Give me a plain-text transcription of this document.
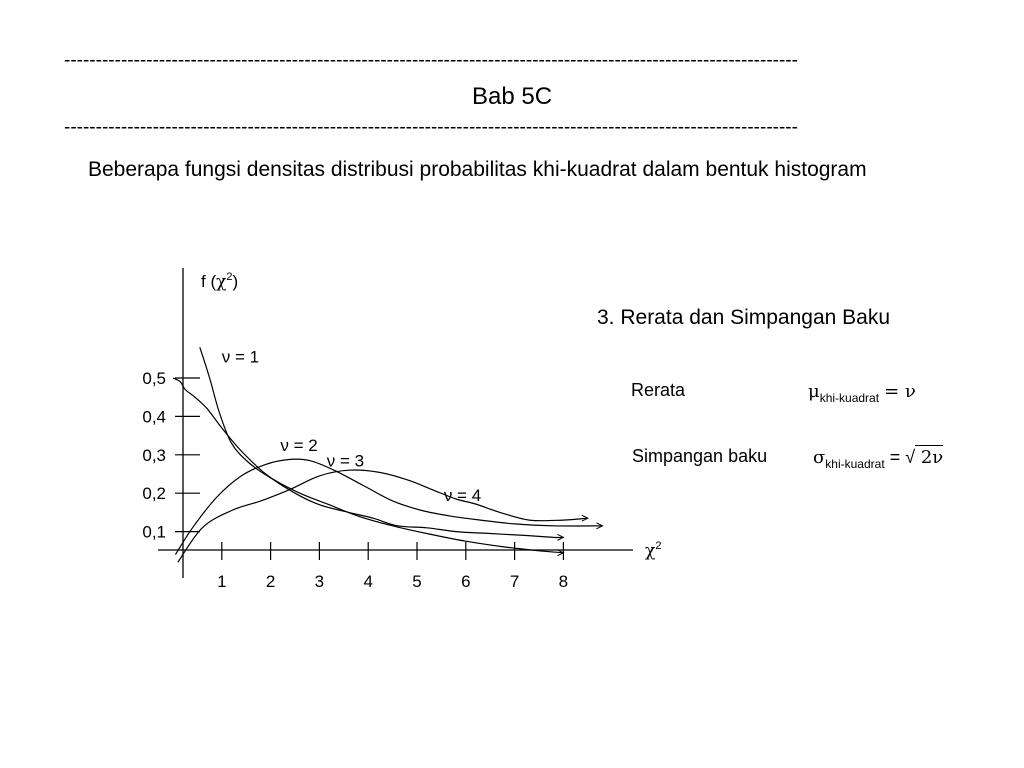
--------------------------------------------------------------------------------------------------------------------
Bab 5C
--------------------------------------------------------------------------------------------------------------------
Beberapa fungsi densitas distribusi probabilitas khi-kuadrat dalam bentuk histogram
1 2 3 4 5 6 7 8
0,1
0,2
0,3
0,4
0,5
f $(\chi^2)$
$\chi^2$
ν = 1
ν = 2
ν = 3
ν = 4
3. Rerata dan Simpangan Baku
Rerata	$\mu_{khi-kuadrat} = \nu$
Simpangan baku	$\sigma_{khi-kuadrat}$ = √ 2ν
